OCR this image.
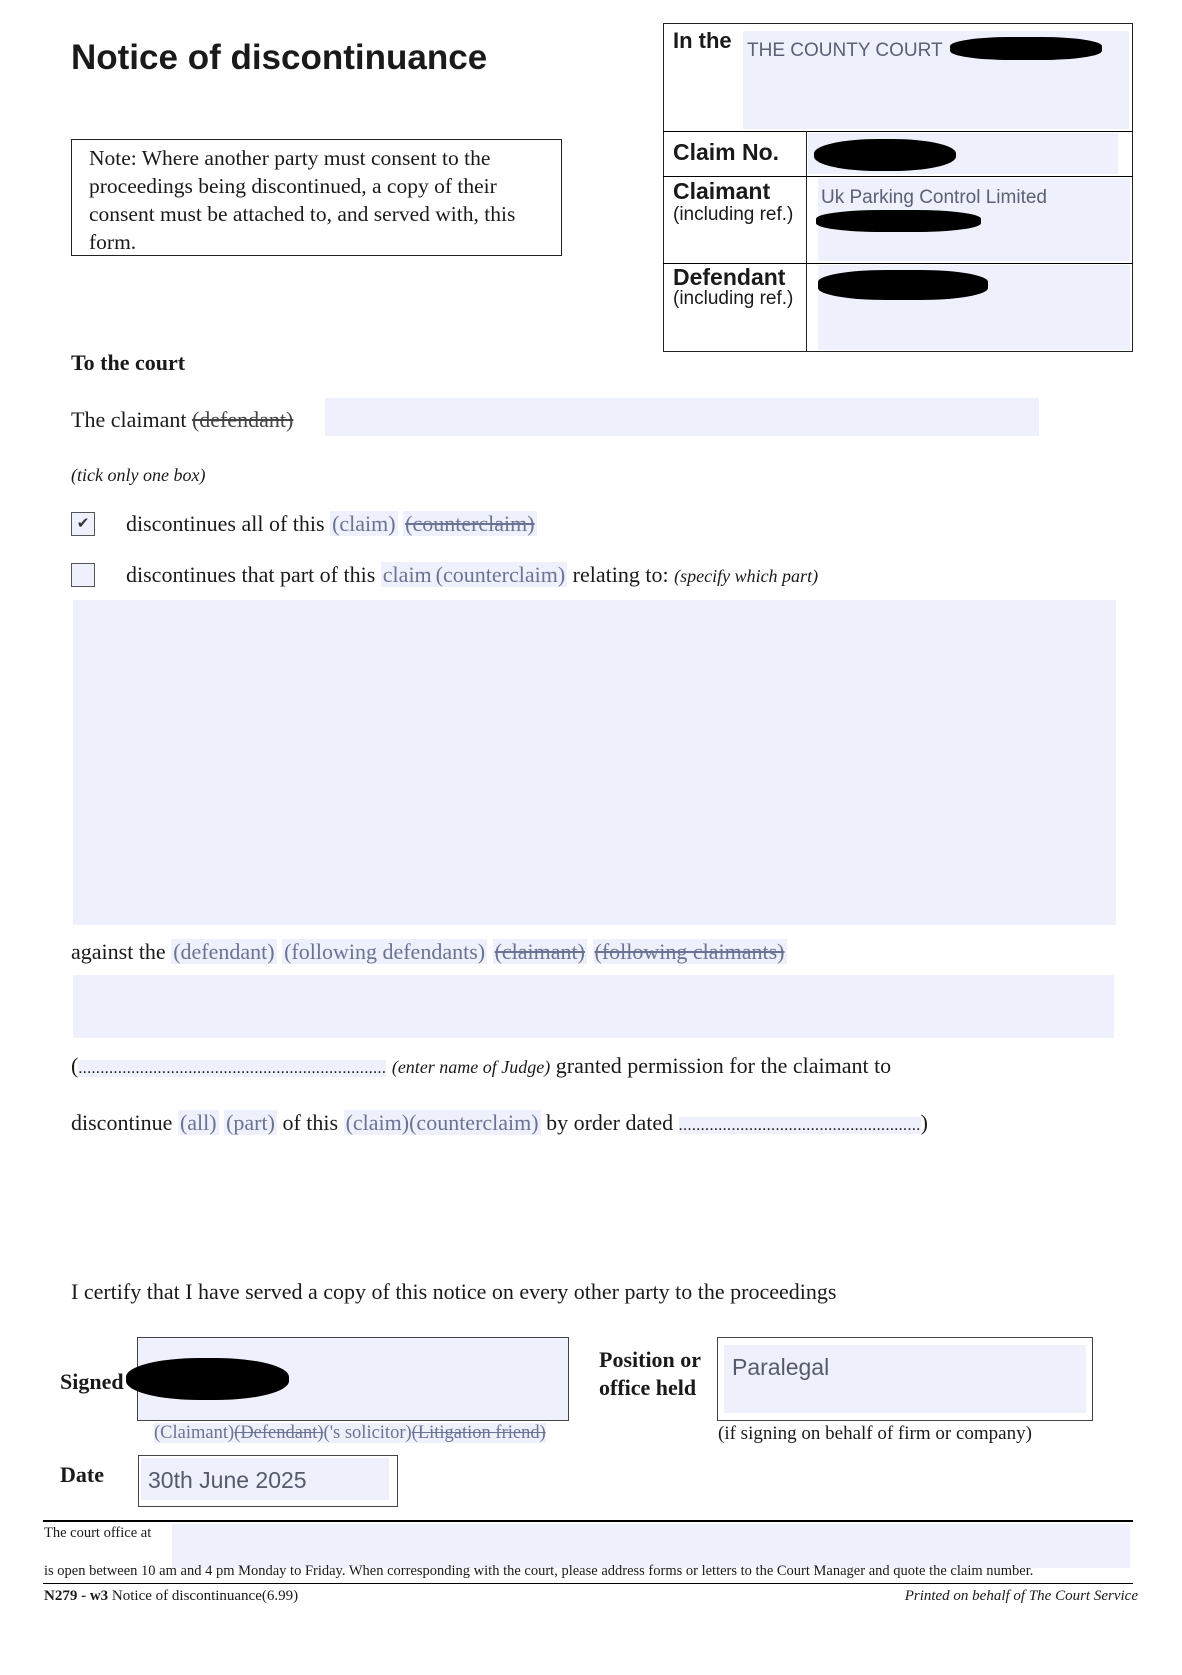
Notice of discontinuance
Note: Where another party must consent to the proceedings being discontinued, a copy of their consent must be attached to, and served with, this form.
In the THE COUNTY COURT
Claim No.
Claimant
(including ref.)
Uk Parking Control Limited
Defendant
(including ref.)
To the court
The claimant (defendant)
(tick only one box)
✔ discontinues all of this (claim) (counterclaim)
discontinues that part of this claim (counterclaim) relating to: (specify which part)
against the (defendant) (following defendants) (claimant) (following claimants)
(...................................................................... (enter name of Judge) granted permission for the claimant to
discontinue (all) (part) of this (claim)(counterclaim) by order dated .......................................................)
I certify that I have served a copy of this notice on every other party to the proceedings
Signed
(Claimant)(Defendant)('s solicitor)(Litigation friend)
Position or
office held
Paralegal
(if signing on behalf of firm or company)
Date 30th June 2025
The court office at
is open between 10 am and 4 pm Monday to Friday. When corresponding with the court, please address forms or letters to the Court Manager and quote the claim number.
N279 - w3 Notice of discontinuance(6.99)	Printed on behalf of The Court Service
